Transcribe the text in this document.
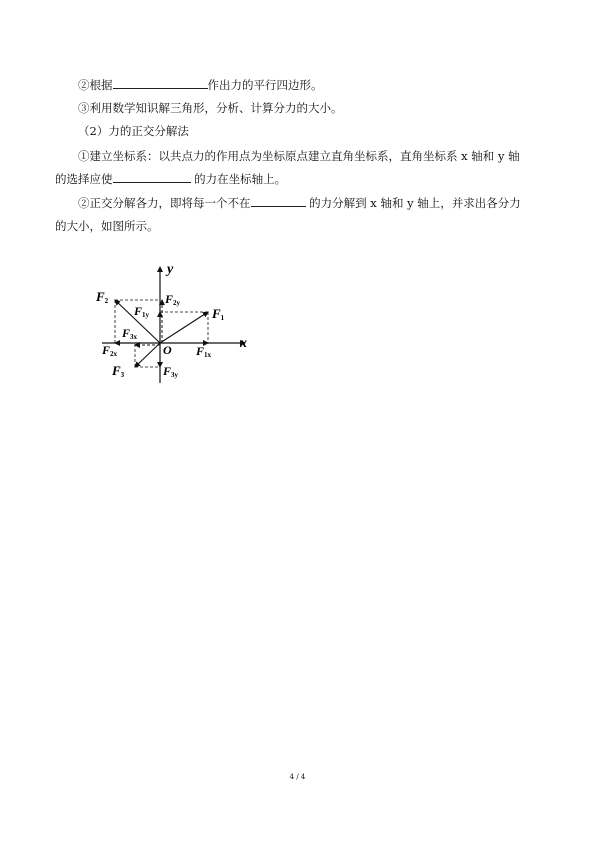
②根据	作出力的平行四边形。
③利用数学知识解三角形，分析、计算分力的大小。
（2）力的正交分解法
①建立坐标系：以共点力的作用点为坐标原点建立直角坐标系，直角坐标系 x 轴和 y 轴
的选择应使	的力在坐标轴上。
②正交分解各力，即将每一个不在	的力分解到 x 轴和 y 轴上，并求出各分力
的大小，如图所示。
x
y
O
F1
F2
F3
F1y
F2y
F3x
F2x	F1x
F3y
4 / 4
